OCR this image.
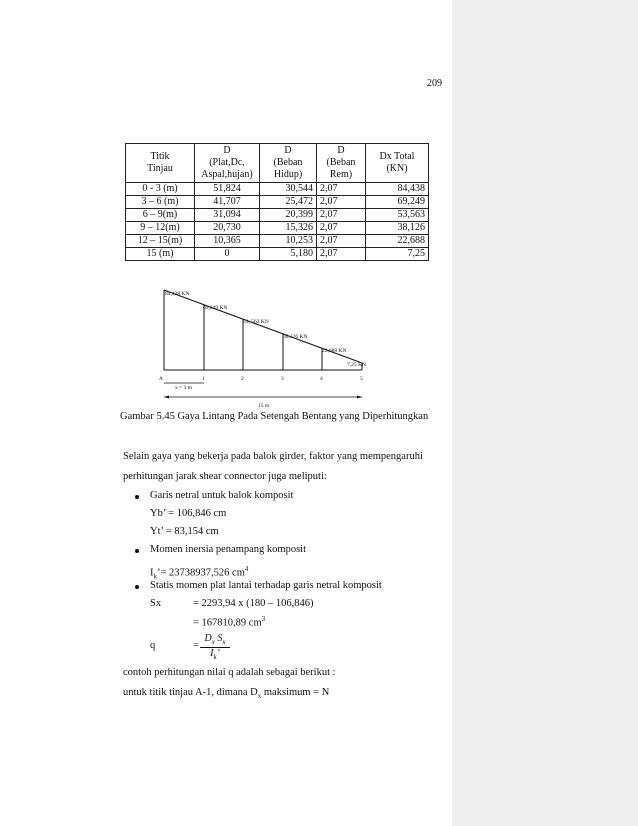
209
Titik
Tinjau	D
(Plat,Dc,
Aspal,hujan)	D
(Beban
Hidup)	D
(Beban
Rem)	Dx Total
(KN)
0 - 3 (m)	51,824	30,544	2,07	84,438
3 – 6 (m)	41,707	25,472	2,07	69,249
6 – 9(m)	31,094	20,399	2,07	53,563
9 – 12(m)	20,730	15,326	2,07	38,126
12 – 15(m)	10,365	10,253	2,07	22,688
15 (m)	0	5,180	2,07	7,25
84,438 KN
69,249 KN
53, 563 KN
38,126 KN
22,688 KN
7,25 KN
A	1	2	3	4	5
x = 3 m
15 m
Gambar 5.45 Gaya Lintang Pada Setengah Bentang yang Diperhitungkan
Selain gaya yang bekerja pada balok girder, faktor yang mempengaruhi
perhitungan jarak shear connector juga meliputi:
Garis netral untuk balok komposit
Yb’ = 106,846 cm
Yt’ = 83,154 cm
Momen inersia penampang komposit
$I_k’= 23738937,526$ $cm^4$
Statis momen plat lantai terhadap garis netral komposit
Sx	= 2293,94 x (180 – 106,846)
= 167810,89 $cm^3$
q	= $\frac{D_x S_x}{I_k’}$
contoh perhitungan nilai q adalah sebagai berikut :
untuk titik tinjau A-1, dimana $D_x$ maksimum = N
